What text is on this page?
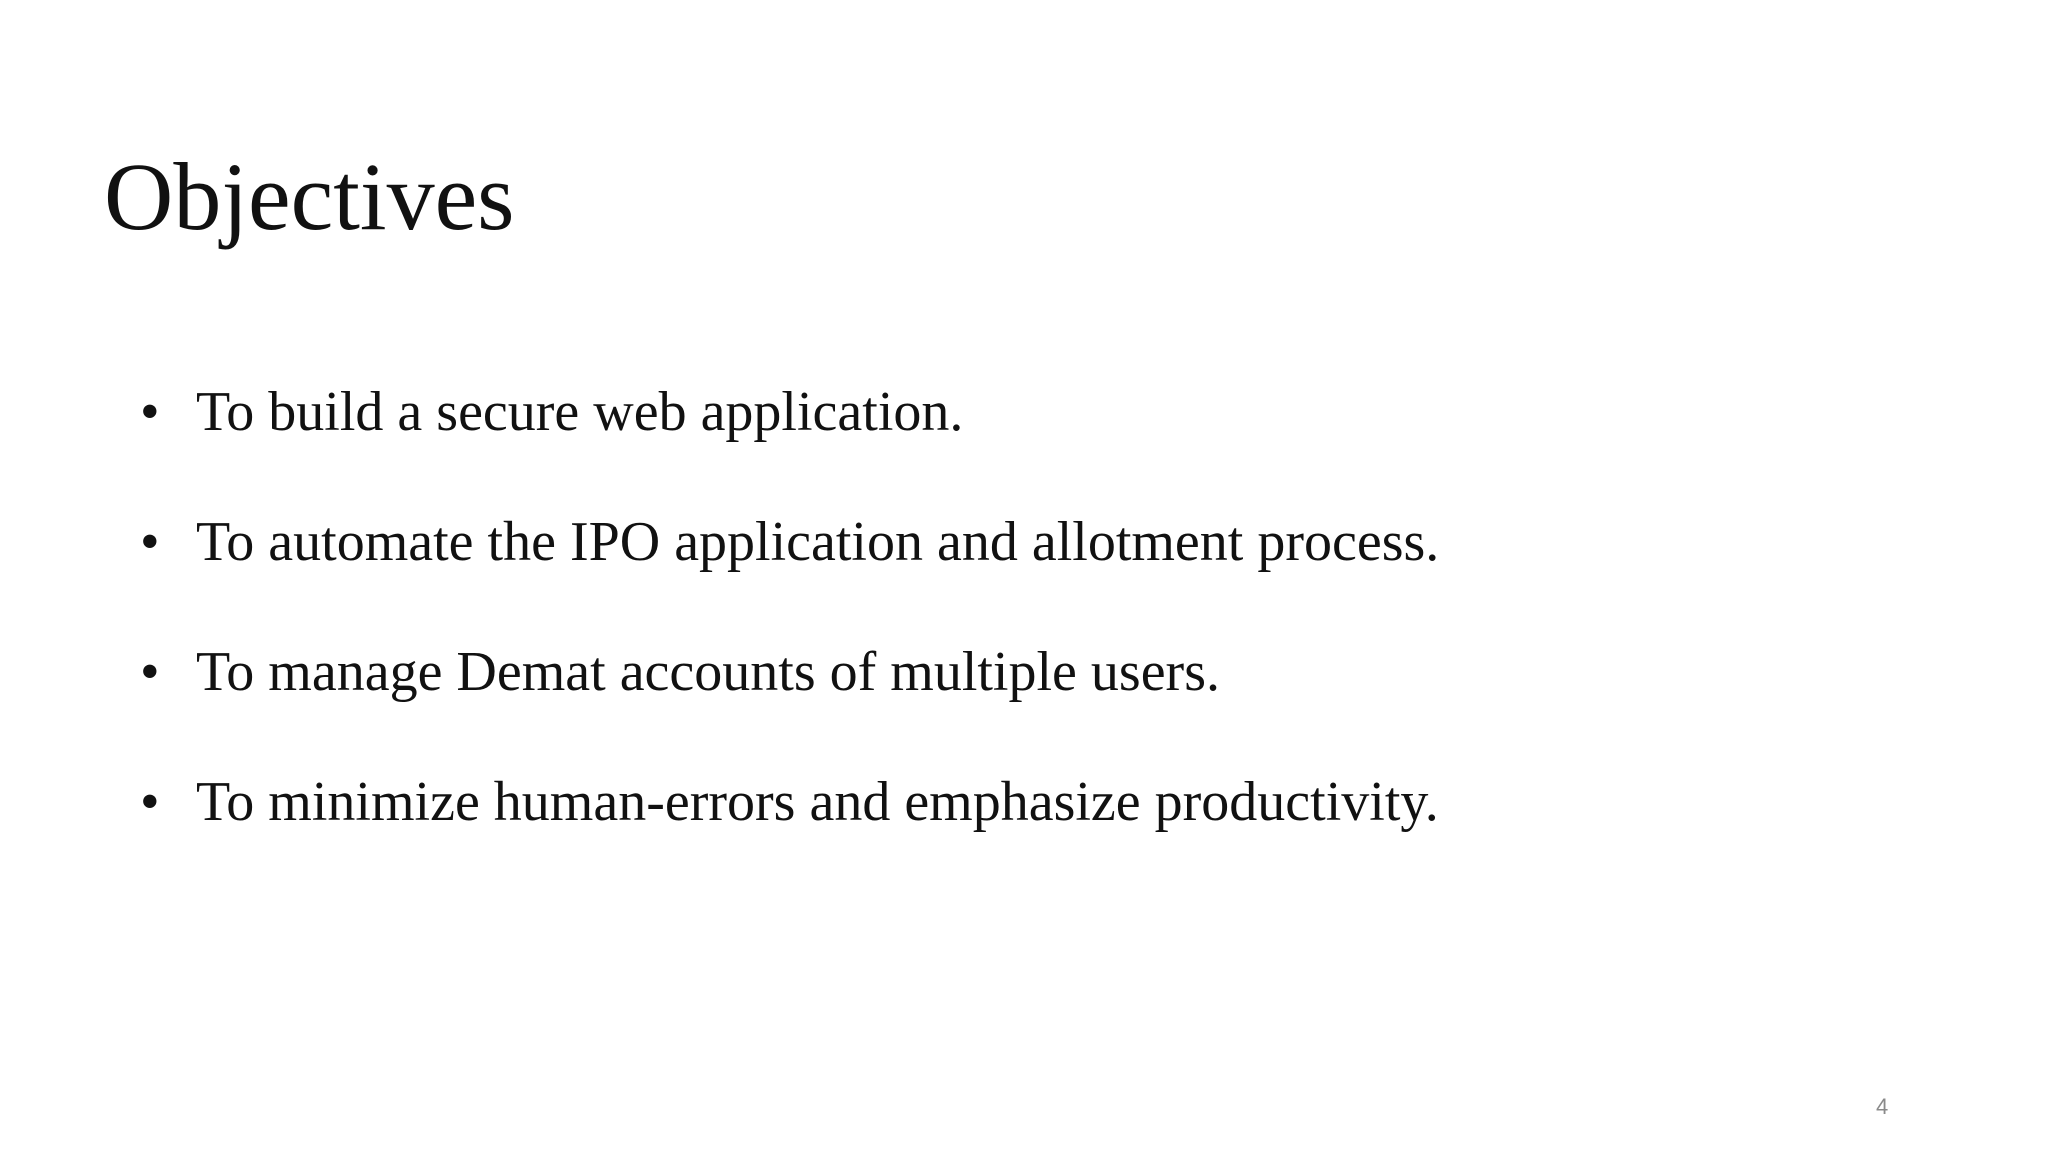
Objectives
• To build a secure web application.
• To automate the IPO application and allotment process.
• To manage Demat accounts of multiple users.
• To minimize human-errors and emphasize productivity.
4
